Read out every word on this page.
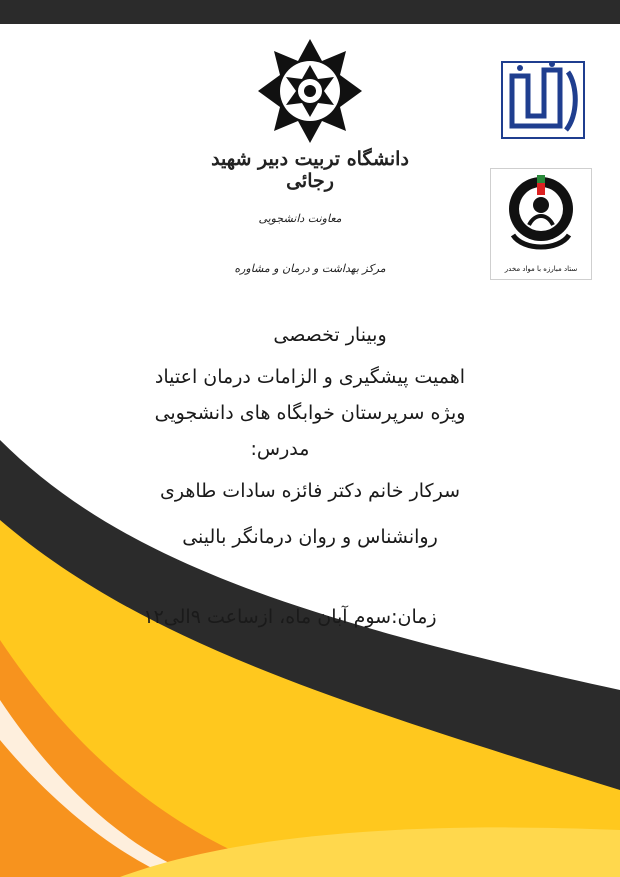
دانشگاه تربیت دبیر شهید رجائی
معاونت دانشجویی
مرکز بهداشت و درمان و مشاوره	ستاد مبارزه با مواد مخدر
وبینار تخصصی
اهمیت پیشگیری و الزامات درمان اعتیاد
ویژه سرپرستان خوابگاه های دانشجویی
مدرس:
سرکار خانم دکتر فائزه سادات طاهری
روانشناس و روان درمانگر بالینی
زمان:سوم آبان ماه، ازساعت ۹الی۱۲
